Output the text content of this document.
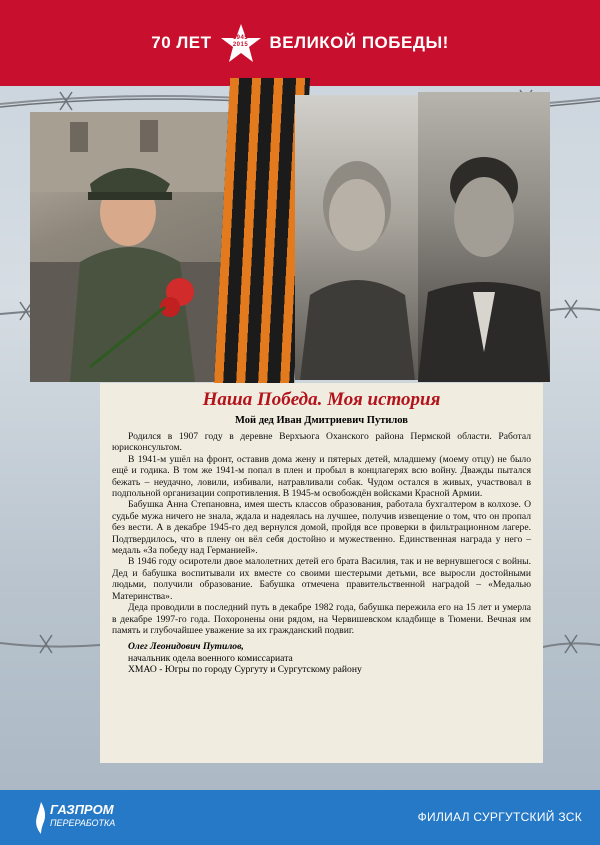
70 ЛЕТ	1945
2015	ВЕЛИКОЙ ПОБЕДЫ!
Наша Победа. Моя история
Мой дед Иван Дмитриевич Путилов

Родился в 1907 году в деревне Верхъюга Оханского района Пермской области. Работал юрисконсультом.

В 1941-м ушёл на фронт, оставив дома жену и пятерых детей, младшему (моему отцу) не было ещё и годика. В том же 1941-м попал в плен и пробыл в концлагерях всю войну. Дважды пытался бежать – неудачно, ловили, избивали, натравливали собак. Чудом остался в живых, участвовал в подпольной организации сопротивления. В 1945-м освобождён войсками Красной Армии.

Бабушка Анна Степановна, имея шесть классов образования, работала бухгалтером в колхозе. О судьбе мужа ничего не знала, ждала и надеялась на лучшее, получив извещение о том, что он пропал без вести. А в декабре 1945-го дед вернулся домой, пройдя все проверки в фильтрационном лагере. Подтвердилось, что в плену он вёл себя достойно и мужественно. Единственная награда у него – медаль «За победу над Германией».

В 1946 году осиротели двое малолетних детей его брата Василия, так и не вернувшегося с войны. Дед и бабушка воспитывали их вместе со своими шестерыми детьми, все выросли достойными людьми, получили образование. Бабушка отмечена правительственной наградой – «Медалью Материнства».

Деда проводили в последний путь в декабре 1982 года, бабушка пережила его на 15 лет и умерла в декабре 1997-го года. Похоронены они рядом, на Червишевском кладбище в Тюмени. Вечная им память и глубочайшее уважение за их гражданский подвиг.

Олег Леонидович Путилов,
начальник одела военного комиссариата
ХМАО - Югры по городу Сургуту и Сургутскому району
ГАЗПРОМ
ПЕРЕРАБОТКА	ФИЛИАЛ СУРГУТСКИЙ ЗСК
